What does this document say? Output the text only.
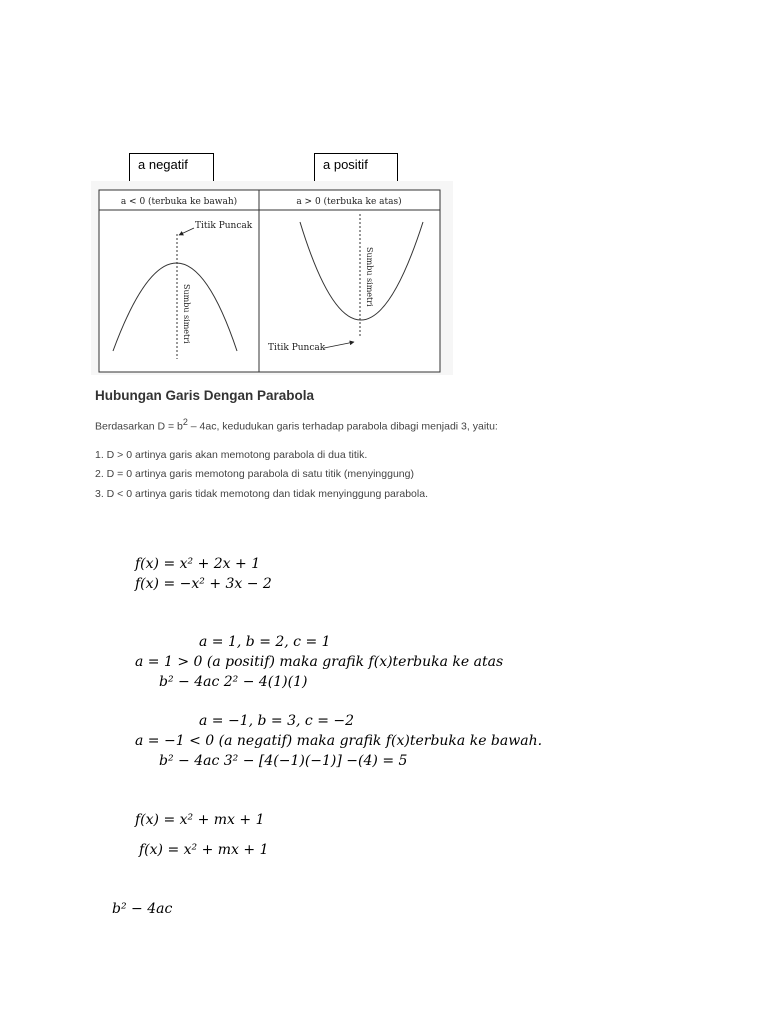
a negatif	a positif
a < 0 (terbuka ke bawah)	a > 0 (terbuka ke atas)
Titik Puncak
Sumbu simetri
Titik Puncak
Sumbu simetri
Hubungan Garis Dengan Parabola
Berdasarkan $D = b^2 - 4ac$, kedudukan garis terhadap parabola dibagi menjadi 3, yaitu:
1. D > 0 artinya garis akan memotong parabola di dua titik.
2. D = 0 artinya garis memotong parabola di satu titik (menyinggung)
3. D < 0 artinya garis tidak memotong dan tidak menyinggung parabola.
f(x) = x² + 2x + 1
f(x) = −x² + 3x − 2
a = 1, b = 2, c = 1
a = 1 > 0 (a positif) maka grafik f(x)terbuka ke atas
b² − 4ac 2² − 4(1)(1)
a = −1, b = 3, c = −2
a = −1 < 0 (a negatif) maka grafik f(x)terbuka ke bawah.
b² − 4ac 3² − [4(−1)(−1)] −(4) = 5
f(x) = x² + mx + 1
f(x) = x² + mx + 1
b² − 4ac
